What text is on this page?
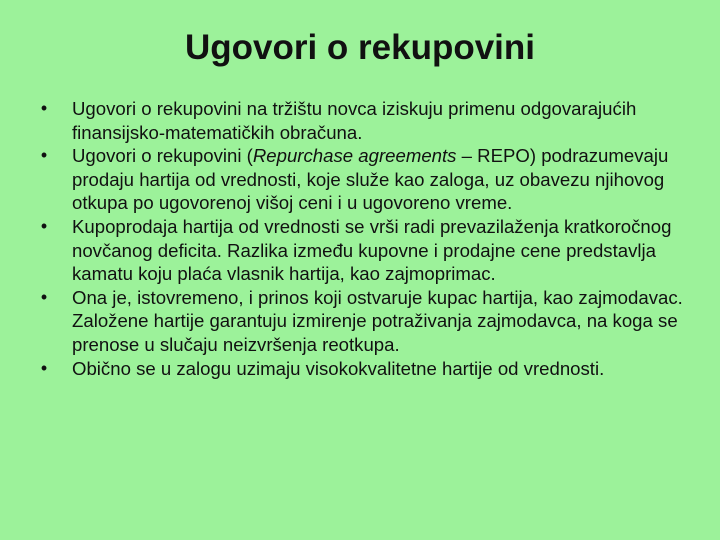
Ugovori o rekupovini
•	Ugovori o rekupovini na tržištu novca iziskuju primenu odgovarajućih finansijsko-matematičkih obračuna.
•	Ugovori o rekupovini (Repurchase agreements – REPO) podrazumevaju prodaju hartija od vrednosti, koje služe kao zaloga, uz obavezu njihovog otkupa po ugovorenoj višoj ceni i u ugovoreno vreme.
•	Kupoprodaja hartija od vrednosti se vrši radi prevazilaženja kratkoročnog novčanog deficita. Razlika između kupovne i prodajne cene predstavlja kamatu koju plaća vlasnik hartija, kao zajmoprimac.
•	Ona je, istovremeno, i prinos koji ostvaruje kupac hartija, kao zajmodavac. Založene hartije garantuju izmirenje potraživanja zajmodavca, na koga se prenose u slučaju neizvršenja reotkupa.
•	Obično se u zalogu uzimaju visokokvalitetne hartije od vrednosti.
